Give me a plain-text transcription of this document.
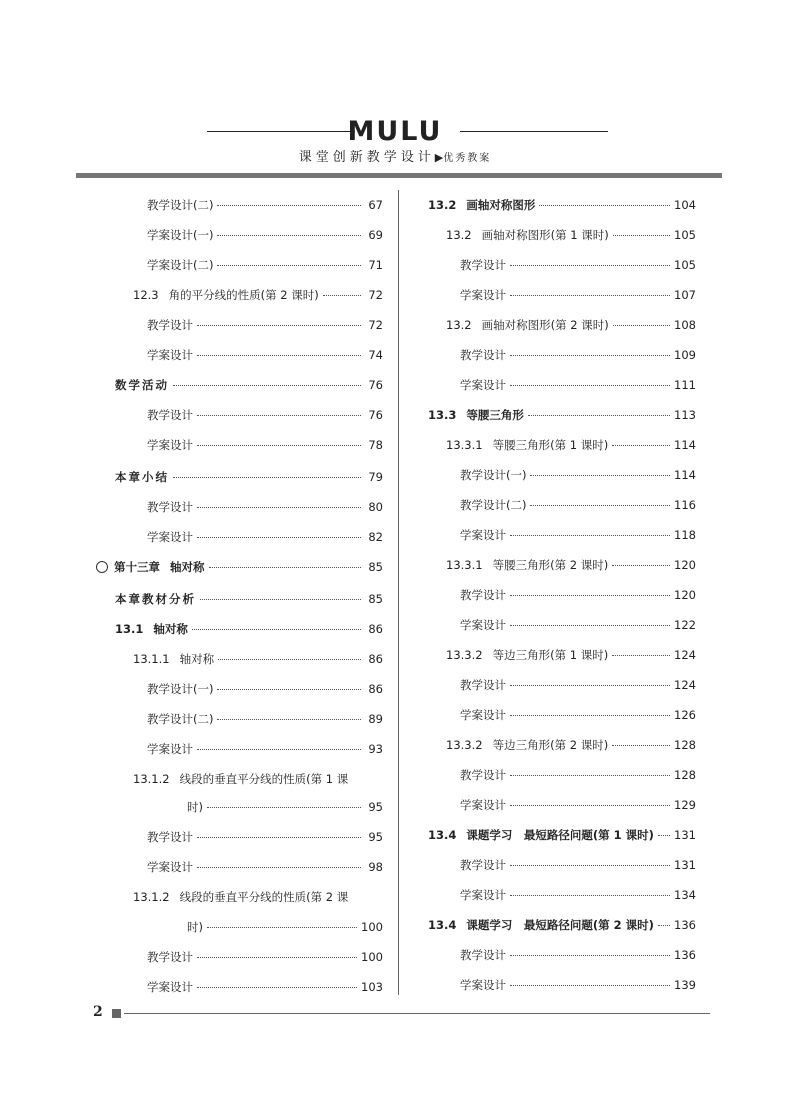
MULU
课堂创新教学设计▶优秀教案
教学设计(二)	67
学案设计(一)	69
学案设计(二)	71
12.3 角的平分线的性质(第 2 课时)	72
教学设计	72
学案设计	74
数学活动	76
教学设计	76
学案设计	78
本章小结	79
教学设计	80
学案设计	82
第十三章 轴对称	85
本章教材分析	85
13.1 轴对称	86
13.1.1 轴对称	86
教学设计(一)	86
教学设计(二)	89
学案设计	93
13.1.2 线段的垂直平分线的性质(第 1 课
时)	95
教学设计	95
学案设计	98
13.1.2 线段的垂直平分线的性质(第 2 课
时)	100
教学设计	100
学案设计	103
13.2 画轴对称图形	104
13.2 画轴对称图形(第 1 课时)	105
教学设计	105
学案设计	107
13.2 画轴对称图形(第 2 课时)	108
教学设计	109
学案设计	111
13.3 等腰三角形	113
13.3.1 等腰三角形(第 1 课时)	114
教学设计(一)	114
教学设计(二)	116
学案设计	118
13.3.1 等腰三角形(第 2 课时)	120
教学设计	120
学案设计	122
13.3.2 等边三角形(第 1 课时)	124
教学设计	124
学案设计	126
13.3.2 等边三角形(第 2 课时)	128
教学设计	128
学案设计	129
13.4 课题学习　最短路径问题(第 1 课时) 131
教学设计	131
学案设计	134
13.4 课题学习　最短路径问题(第 2 课时) 136
教学设计	136
学案设计	139
2
